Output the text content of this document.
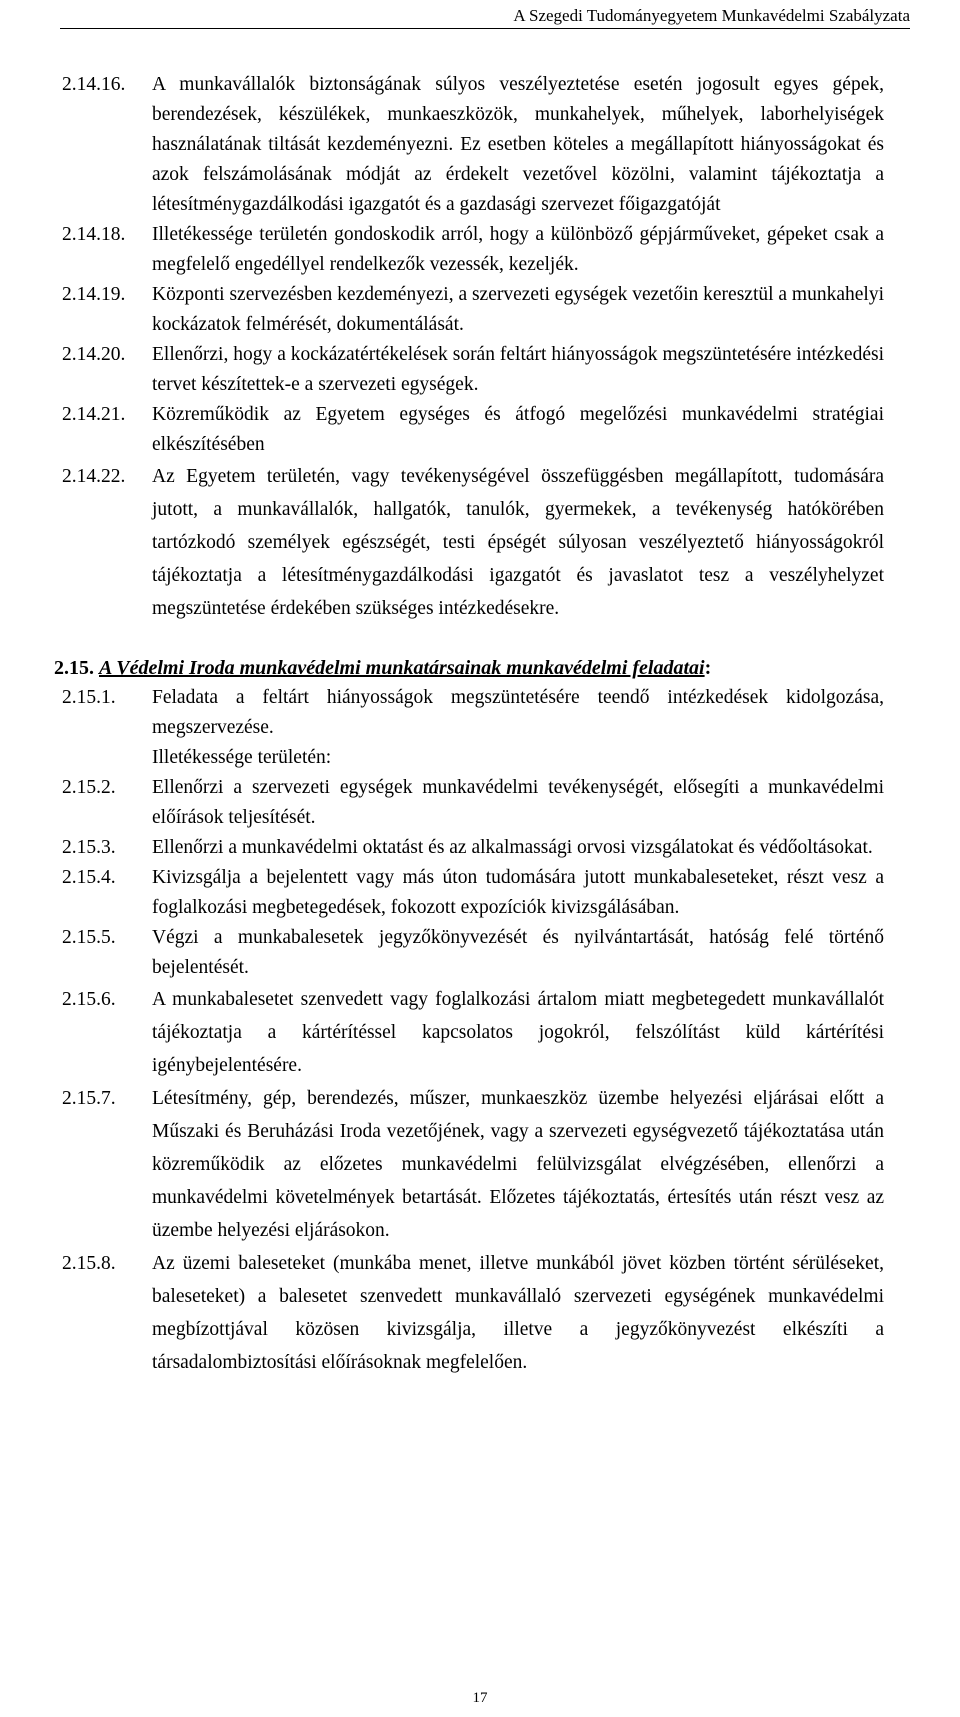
A Szegedi Tudományegyetem Munkavédelmi Szabályzata
2.14.16. A munkavállalók biztonságának súlyos veszélyeztetése esetén jogosult egyes gépek, berendezések, készülékek, munkaeszközök, munkahelyek, műhelyek, laborhelyiségek használatának tiltását kezdeményezni. Ez esetben köteles a megállapított hiányosságokat és azok felszámolásának módját az érdekelt vezetővel közölni, valamint tájékoztatja a létesítménygazdálkodási igazgatót és a gazdasági szervezet főigazgatóját
2.14.18. Illetékessége területén gondoskodik arról, hogy a különböző gépjárműveket, gépeket csak a megfelelő engedéllyel rendelkezők vezessék, kezeljék.
2.14.19. Központi szervezésben kezdeményezi, a szervezeti egységek vezetőin keresztül a munkahelyi kockázatok felmérését, dokumentálását.
2.14.20. Ellenőrzi, hogy a kockázatértékelések során feltárt hiányosságok megszüntetésére intézkedési tervet készítettek-e a szervezeti egységek.
2.14.21. Közreműködik az Egyetem egységes és átfogó megelőzési munkavédelmi stratégiai elkészítésében
2.14.22. Az Egyetem területén, vagy tevékenységével összefüggésben megállapított, tudomására jutott, a munkavállalók, hallgatók, tanulók, gyermekek, a tevékenység hatókörében tartózkodó személyek egészségét, testi épségét súlyosan veszélyeztető hiányosságokról tájékoztatja a létesítménygazdálkodási igazgatót és javaslatot tesz a veszélyhelyzet megszüntetése érdekében szükséges intézkedésekre.
2.15. A Védelmi Iroda munkavédelmi munkatársainak munkavédelmi feladatai:
2.15.1. Feladata a feltárt hiányosságok megszüntetésére teendő intézkedések kidolgozása, megszervezése.
Illetékessége területén:
2.15.2. Ellenőrzi a szervezeti egységek munkavédelmi tevékenységét, elősegíti a munkavédelmi előírások teljesítését.
2.15.3. Ellenőrzi a munkavédelmi oktatást és az alkalmassági orvosi vizsgálatokat és védőoltásokat.
2.15.4. Kivizsgálja a bejelentett vagy más úton tudomására jutott munkabaleseteket, részt vesz a foglalkozási megbetegedések, fokozott expozíciók kivizsgálásában.
2.15.5. Végzi a munkabalesetek jegyzőkönyvezését és nyilvántartását, hatóság felé történő bejelentését.
2.15.6. A munkabalesetet szenvedett vagy foglalkozási ártalom miatt megbetegedett munkavállalót tájékoztatja a kártérítéssel kapcsolatos jogokról, felszólítást küld kártérítési igénybejelentésére.
2.15.7. Létesítmény, gép, berendezés, műszer, munkaeszköz üzembe helyezési eljárásai előtt a Műszaki és Beruházási Iroda vezetőjének, vagy a szervezeti egységvezető tájékoztatása után közreműködik az előzetes munkavédelmi felülvizsgálat elvégzésében, ellenőrzi a munkavédelmi követelmények betartását. Előzetes tájékoztatás, értesítés után részt vesz az üzembe helyezési eljárásokon.
2.15.8. Az üzemi baleseteket (munkába menet, illetve munkából jövet közben történt sérüléseket, baleseteket) a balesetet szenvedett munkavállaló szervezeti egységének munkavédelmi megbízottjával közösen kivizsgálja, illetve a jegyzőkönyvezést elkészíti a társadalombiztosítási előírásoknak megfelelően.
17
